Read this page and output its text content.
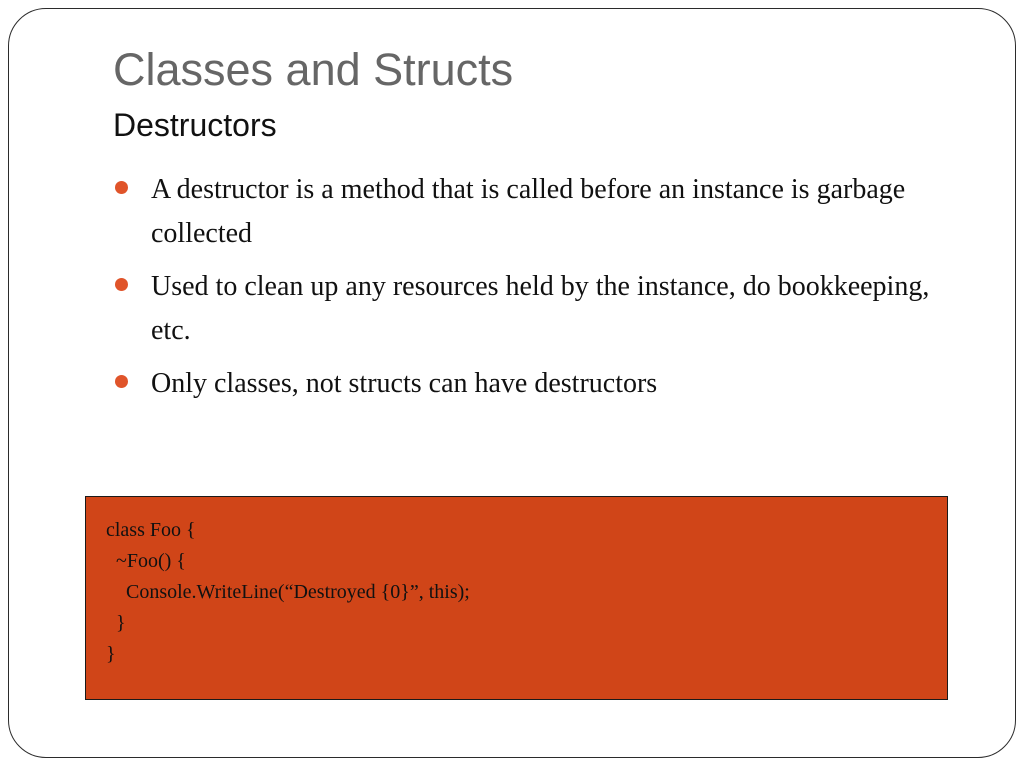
Classes and Structs
Destructors
A destructor is a method that is called before an instance is garbage collected
Used to clean up any resources held by the instance, do bookkeeping, etc.
Only classes, not structs can have destructors
class Foo {
~Foo() {
Console.WriteLine(“Destroyed {0}”, this);
}
}
